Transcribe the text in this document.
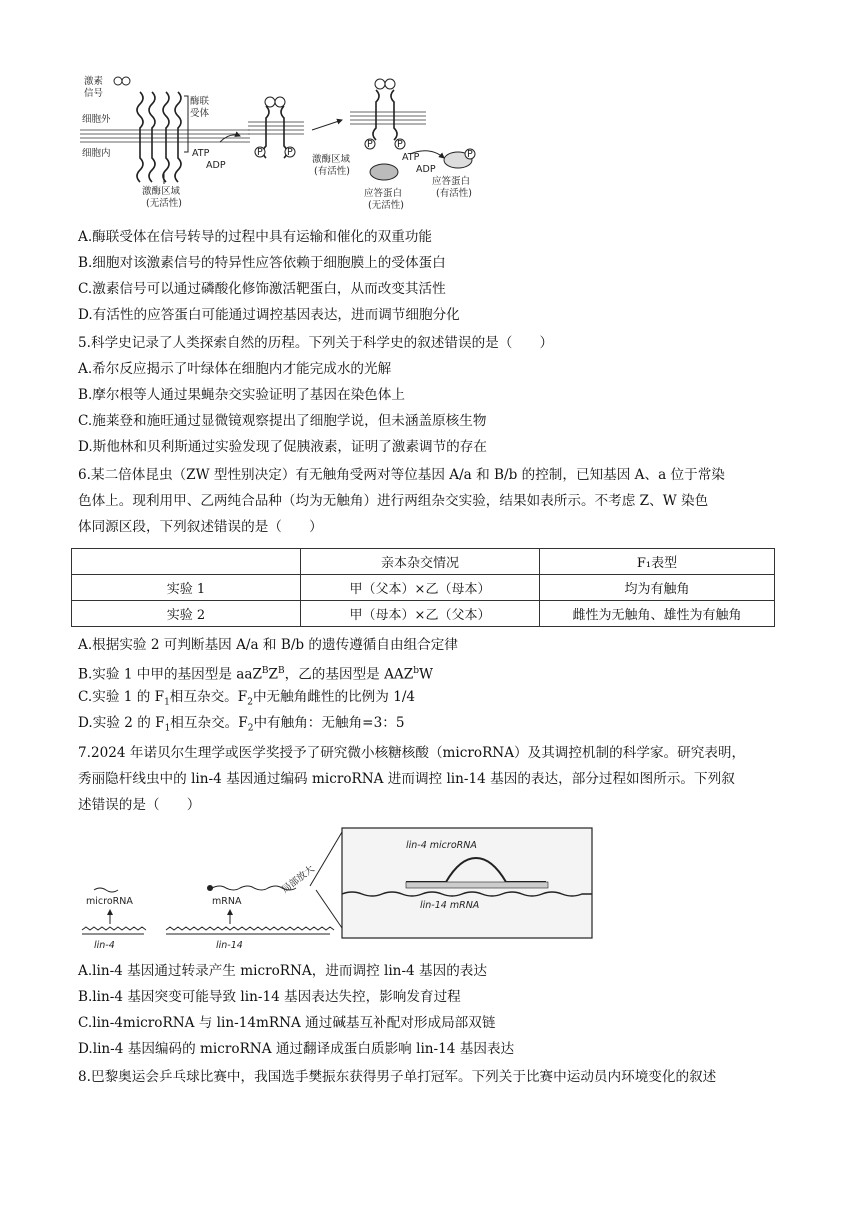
激素
信号
细胞外
细胞内
酶联
受体
ATP
ADP
激酶区域
(无活性)
P	P
P	P
激酶区域
(有活性)
ATP
ADP
P
应答蛋白
(无活性)
应答蛋白
(有活性)
A.酶联受体在信号转导的过程中具有运输和催化的双重功能
B.细胞对该激素信号的特异性应答依赖于细胞膜上的受体蛋白
C.激素信号可以通过磷酸化修饰激活靶蛋白，从而改变其活性
D.有活性的应答蛋白可能通过调控基因表达，进而调节细胞分化
5.科学史记录了人类探索自然的历程。下列关于科学史的叙述错误的是（　　）
A.希尔反应揭示了叶绿体在细胞内才能完成水的光解
B.摩尔根等人通过果蝇杂交实验证明了基因在染色体上
C.施莱登和施旺通过显微镜观察提出了细胞学说，但未涵盖原核生物
D.斯他林和贝利斯通过实验发现了促胰液素，证明了激素调节的存在
6.某二倍体昆虫（ZW 型性别决定）有无触角受两对等位基因 A/a 和 B/b 的控制，已知基因 A、a 位于常染
色体上。现利用甲、乙两纯合品种（均为无触角）进行两组杂交实验，结果如表所示。不考虑 Z、W 染色
体同源区段，下列叙述错误的是（　　）
	亲本杂交情况	F₁表型
实验 1	甲（父本）×乙（母本）	均为有触角
实验 2	甲（母本）×乙（父本）	雌性为无触角、雄性为有触角
A.根据实验 2 可判断基因 A/a 和 B/b 的遗传遵循自由组合定律
B.实验 1 中甲的基因型是 $aaZ^BZ^B$，乙的基因型是 AAZ$^b$W
C.实验 1 的 $F_1$相互杂交。$F_2$中无触角雌性的比例为 1/4
D.实验 2 的 $F_1$相互杂交。$F_2$中有触角：无触角=3：5
7.2024 年诺贝尔生理学或医学奖授予了研究微小核糖核酸（microRNA）及其调控机制的科学家。研究表明，
秀丽隐杆线虫中的 lin-4 基因通过编码 microRNA 进而调控 lin-14 基因的表达，部分过程如图所示。下列叙
述错误的是（　　）
lin-4
microRNA
lin-14
mRNA
局部放大
lin-4 microRNA
lin-14 mRNA
A.lin-4 基因通过转录产生 microRNA，进而调控 lin-4 基因的表达
B.lin-4 基因突变可能导致 lin-14 基因表达失控，影响发育过程
C.lin-4microRNA 与 lin-14mRNA 通过碱基互补配对形成局部双链
D.lin-4 基因编码的 microRNA 通过翻译成蛋白质影响 lin-14 基因表达
8.巴黎奥运会乒乓球比赛中，我国选手樊振东获得男子单打冠军。下列关于比赛中运动员内环境变化的叙述
